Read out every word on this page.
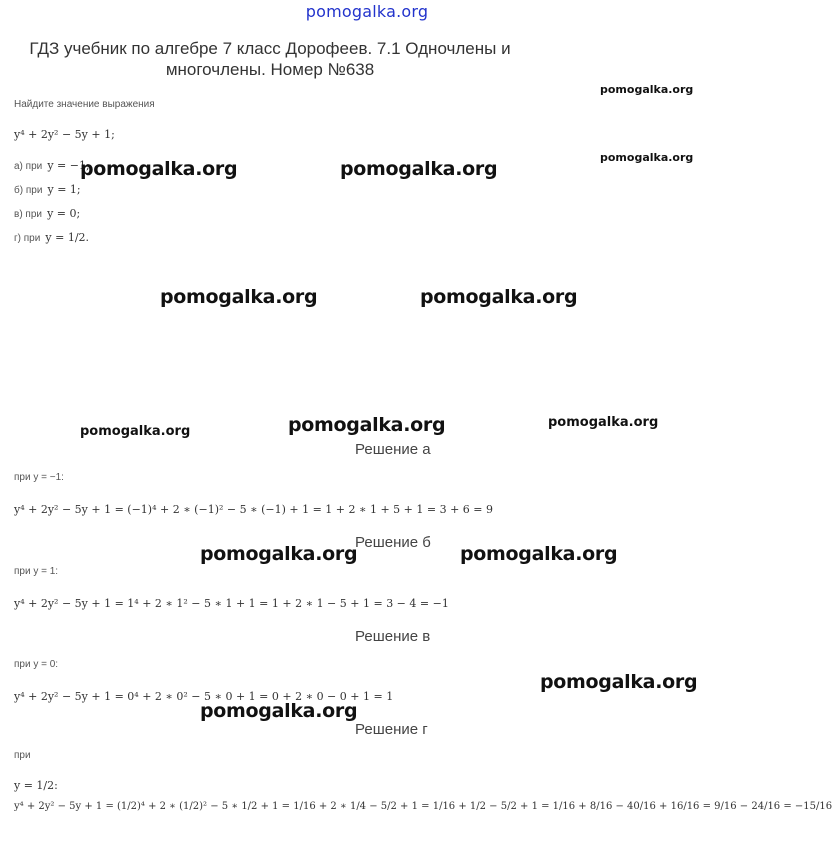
pomogalka.org
ГДЗ учебник по алгебре 7 класс Дорофеев. 7.1 Одночлены и многочлены. Номер №638
Найдите значение выражения
y⁴ + 2y² − 5y + 1;
а) при y = −1;
б) при y = 1;
в) при y = 0;
г) при y = 1/2.
Решение а
при y = −1:
y⁴ + 2y² − 5y + 1 = (−1)⁴ + 2 ∗ (−1)² − 5 ∗ (−1) + 1 = 1 + 2 ∗ 1 + 5 + 1 = 3 + 6 = 9
Решение б
при y = 1:
y⁴ + 2y² − 5y + 1 = 1⁴ + 2 ∗ 1² − 5 ∗ 1 + 1 = 1 + 2 ∗ 1 − 5 + 1 = 3 − 4 = −1
Решение в
при y = 0:
y⁴ + 2y² − 5y + 1 = 0⁴ + 2 ∗ 0² − 5 ∗ 0 + 1 = 0 + 2 ∗ 0 − 0 + 1 = 1
Решение г
при
y = 1/2:
y⁴ + 2y² − 5y + 1 = (1/2)⁴ + 2 ∗ (1/2)² − 5 ∗ 1/2 + 1 = 1/16 + 2 ∗ 1/4 − 5/2 + 1 = 1/16 + 1/2 − 5/2 + 1 = 1/16 + 8/16 − 40/16 + 16/16 = 9/16 − 24/16 = −15/16
pomogalka.org
pomogalka.org
pomogalka.org	pomogalka.org
pomogalka.org	pomogalka.org
pomogalka.org	pomogalka.org	pomogalka.org
pomogalka.org	pomogalka.org
pomogalka.org
pomogalka.org
